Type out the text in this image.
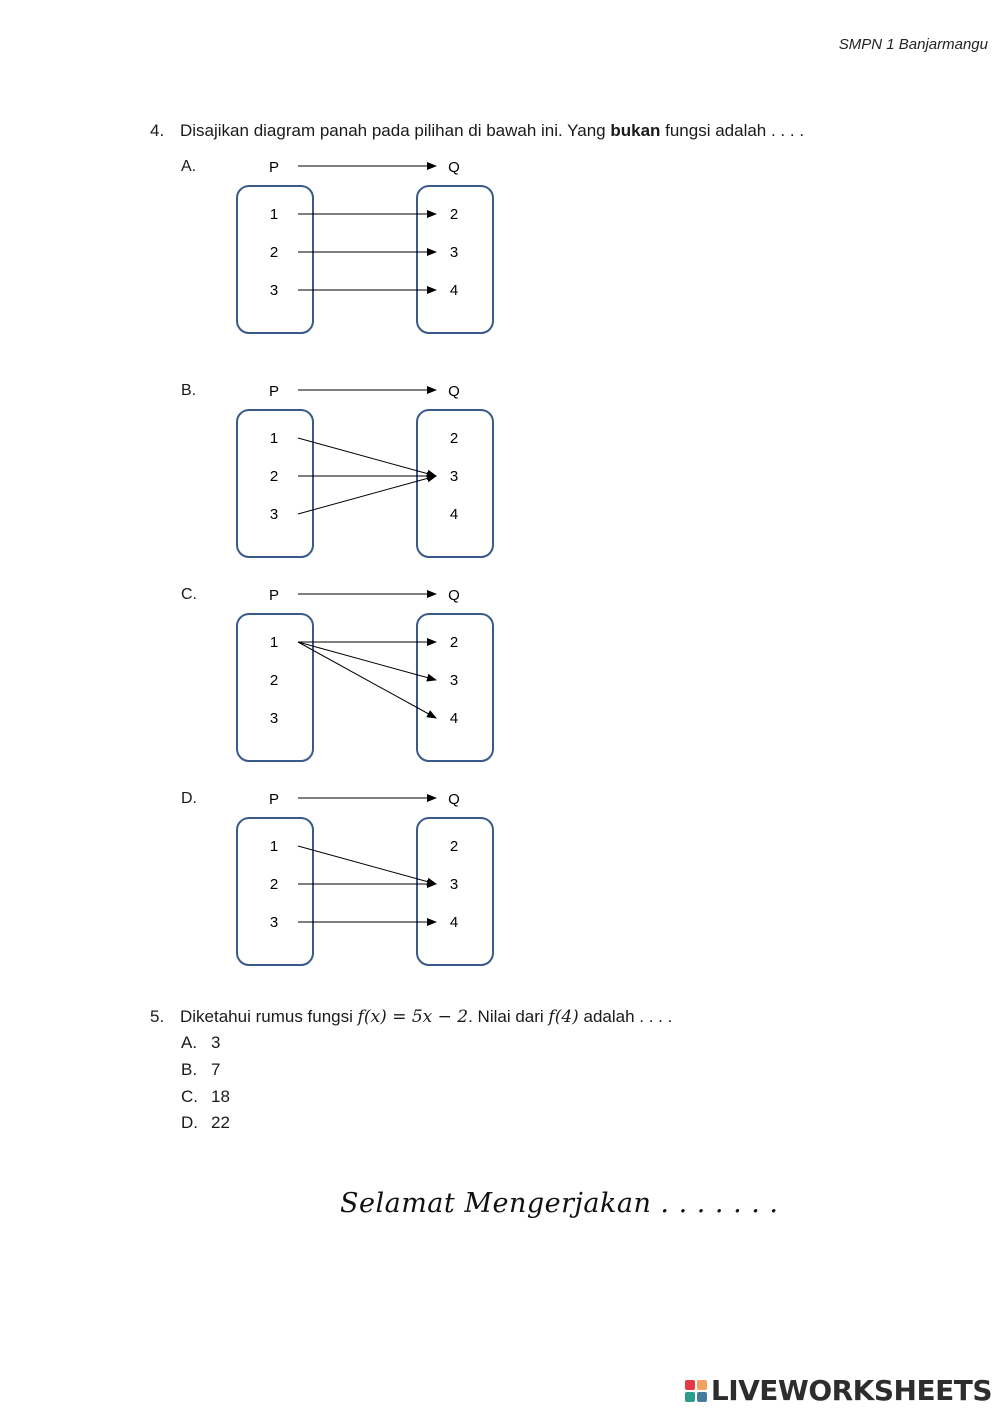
SMPN 1 Banjarmangu
4. Disajikan diagram panah pada pilihan di bawah ini. Yang bukan fungsi adalah . . . .
A.
B.
C.
D.
P	Q
1
2
3
2
3
4
P	Q
1
2
3
2
3
4
P	Q
1
2
3
2
3
4
P	Q
1
2
3
2
3
4
5. Diketahui rumus fungsi f(x) = 5x − 2. Nilai dari f(4) adalah . . . .
A. 3
B. 7
C. 18
D. 22
Selamat Mengerjakan . . . . . . .
LIVEWORKSHEETS
